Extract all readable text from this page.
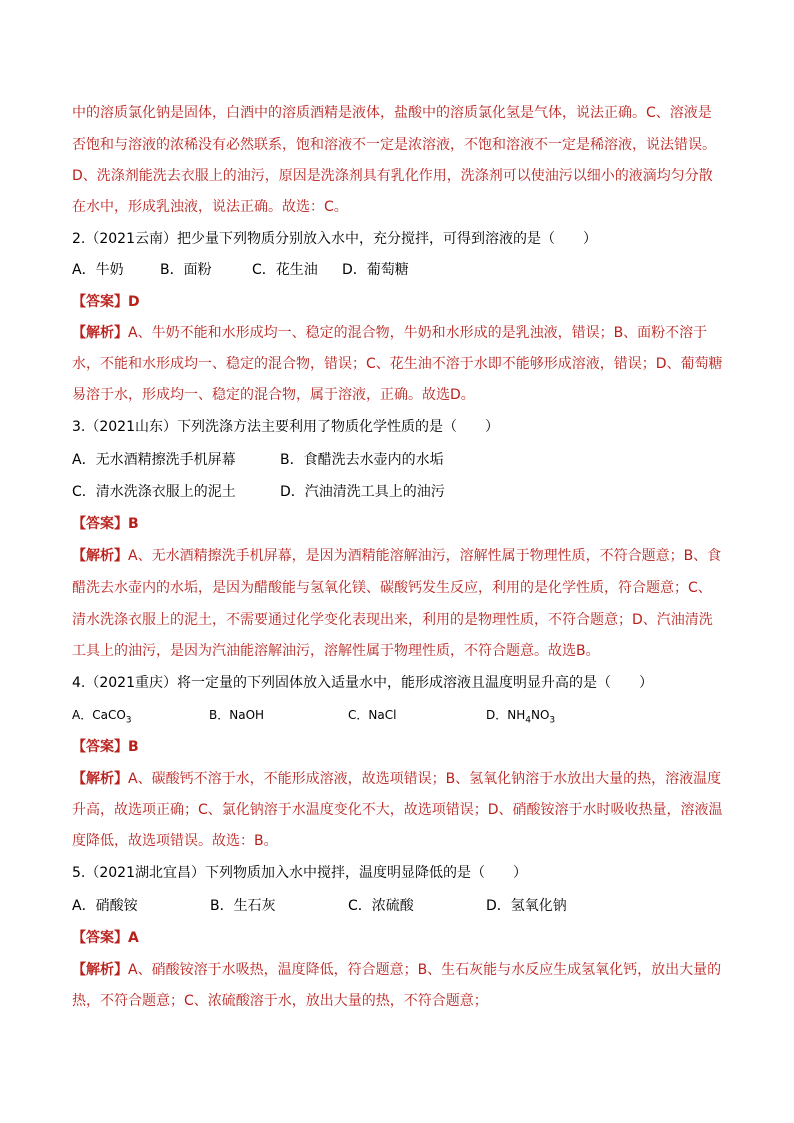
中的溶质氯化钠是固体，白酒中的溶质酒精是液体，盐酸中的溶质氯化氢是气体，说法正确。C、溶液是
否饱和与溶液的浓稀没有必然联系，饱和溶液不一定是浓溶液，不饱和溶液不一定是稀溶液，说法错误。
D、洗涤剂能洗去衣服上的油污，原因是洗涤剂具有乳化作用，洗涤剂可以使油污以细小的液滴均匀分散
在水中，形成乳浊液，说法正确。故选：C。
2.（2021云南）把少量下列物质分别放入水中，充分搅拌，可得到溶液的是（　　）
A．牛奶	B．面粉	C．花生油 D．葡萄糖
【答案】D
【解析】A、牛奶不能和水形成均一、稳定的混合物，牛奶和水形成的是乳浊液，错误；B、面粉不溶于
水，不能和水形成均一、稳定的混合物，错误；C、花生油不溶于水即不能够形成溶液，错误；D、葡萄糖
易溶于水，形成均一、稳定的混合物，属于溶液，正确。故选D。
3.（2021山东）下列洗涤方法主要利用了物质化学性质的是（　　）
A．无水酒精擦洗手机屏幕	B．食醋洗去水壶内的水垢
C．清水洗涤衣服上的泥土	D．汽油清洗工具上的油污
【答案】B
【解析】A、无水酒精擦洗手机屏幕，是因为酒精能溶解油污，溶解性属于物理性质，不符合题意；B、食
醋洗去水壶内的水垢，是因为醋酸能与氢氧化镁、碳酸钙发生反应，利用的是化学性质，符合题意；C、
清水洗涤衣服上的泥土，不需要通过化学变化表现出来，利用的是物理性质，不符合题意；D、汽油清洗
工具上的油污，是因为汽油能溶解油污，溶解性属于物理性质，不符合题意。故选B。
4.（2021重庆）将一定量的下列固体放入适量水中，能形成溶液且温度明显升高的是（　　）
A．CaCO$_3$	B．NaOH	C．NaCl	D．$NH_4NO_3$
【答案】B
【解析】A、碳酸钙不溶于水，不能形成溶液，故选项错误；B、氢氧化钠溶于水放出大量的热，溶液温度
升高，故选项正确；C、氯化钠溶于水温度变化不大，故选项错误；D、硝酸铵溶于水时吸收热量，溶液温
度降低，故选项错误。故选：B。
5.（2021湖北宜昌）下列物质加入水中搅拌，温度明显降低的是（　　）
A．硝酸铵	B．生石灰	C．浓硫酸	D．氢氧化钠
【答案】A
【解析】A、硝酸铵溶于水吸热，温度降低，符合题意；B、生石灰能与水反应生成氢氧化钙，放出大量的
热，不符合题意；C、浓硫酸溶于水，放出大量的热，不符合题意；
